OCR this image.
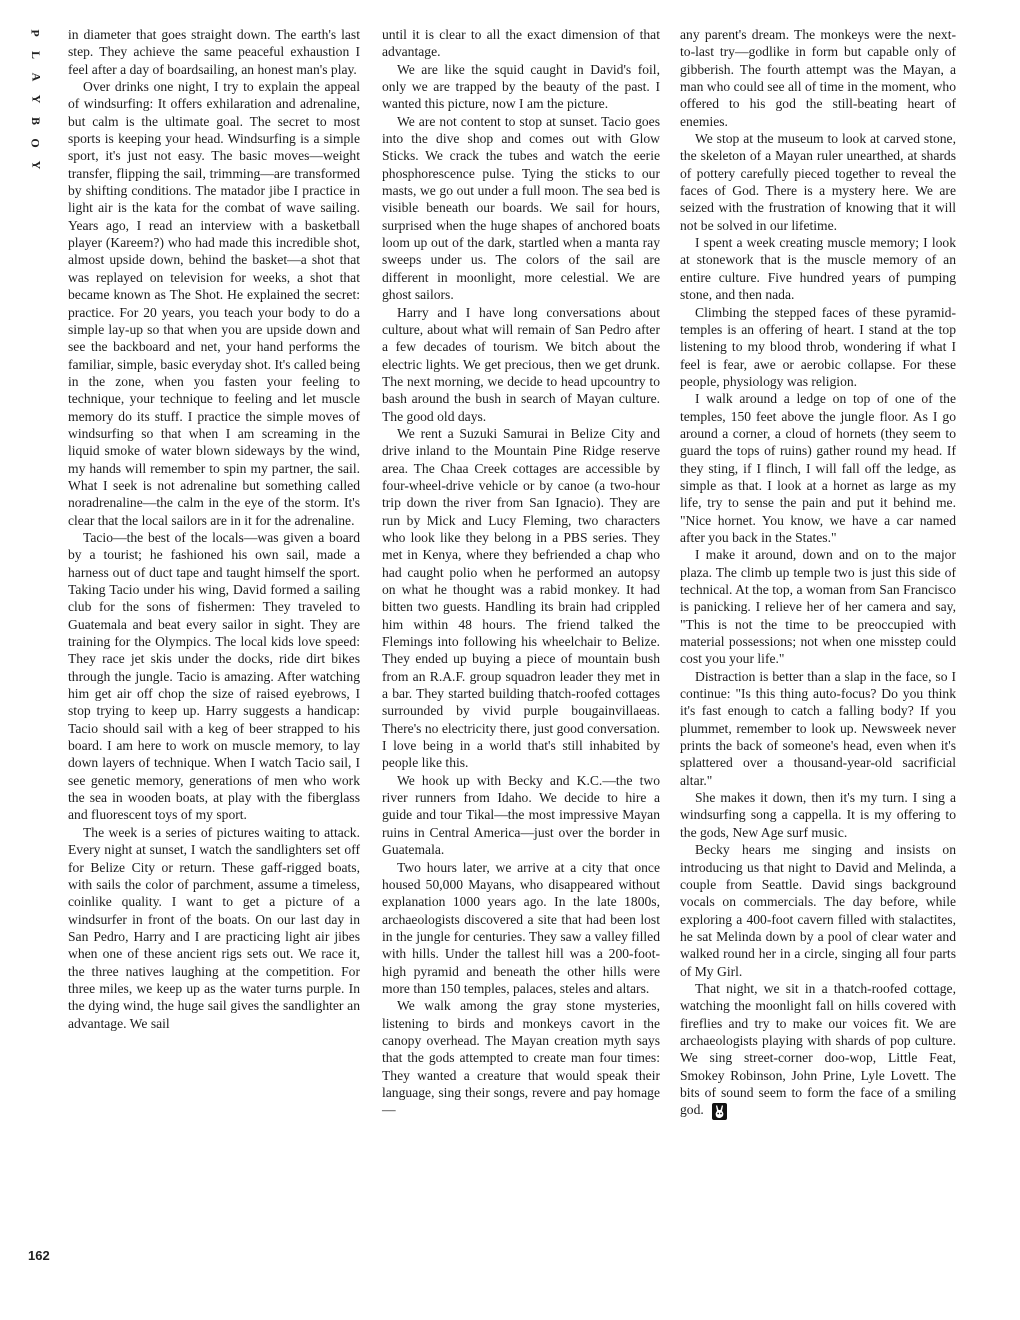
P
L
A
Y
B
O
Y

in diameter that goes straight down. The earth's last step. They achieve the same peaceful exhaustion I feel after a day of boardsailing, an honest man's play.

Over drinks one night, I try to explain the appeal of windsurfing: It offers exhilaration and adrenaline, but calm is the ultimate goal. The secret to most sports is keeping your head. Windsurfing is a simple sport, it's just not easy. The basic moves—weight transfer, flipping the sail, trimming—are transformed by shifting conditions. The matador jibe I practice in light air is the kata for the combat of wave sailing. Years ago, I read an interview with a basketball player (Kareem?) who had made this incredible shot, almost upside down, behind the basket—a shot that was replayed on television for weeks, a shot that became known as The Shot. He explained the secret: practice. For 20 years, you teach your body to do a simple lay-up so that when you are upside down and see the backboard and net, your hand performs the familiar, simple, basic everyday shot. It's called being in the zone, when you fasten your feeling to technique, your technique to feeling and let muscle memory do its stuff. I practice the simple moves of windsurfing so that when I am screaming in the liquid smoke of water blown sideways by the wind, my hands will remember to spin my partner, the sail. What I seek is not adrenaline but something called noradrenaline—the calm in the eye of the storm. It's clear that the local sailors are in it for the adrenaline.

Tacio—the best of the locals—was given a board by a tourist; he fashioned his own sail, made a harness out of duct tape and taught himself the sport. Taking Tacio under his wing, David formed a sailing club for the sons of fishermen: They traveled to Guatemala and beat every sailor in sight. They are training for the Olympics. The local kids love speed: They race jet skis under the docks, ride dirt bikes through the jungle. Tacio is amazing. After watching him get air off chop the size of raised eyebrows, I stop trying to keep up. Harry suggests a handicap: Tacio should sail with a keg of beer strapped to his board. I am here to work on muscle memory, to lay down layers of technique. When I watch Tacio sail, I see genetic memory, generations of men who work the sea in wooden boats, at play with the fiberglass and fluorescent toys of my sport.

The week is a series of pictures waiting to attack. Every night at sunset, I watch the sandlighters set off for Belize City or return. These gaff-rigged boats, with sails the color of parchment, assume a timeless, coinlike quality. I want to get a picture of a windsurfer in front of the boats. On our last day in San Pedro, Harry and I are practicing light air jibes when one of these ancient rigs sets out. We race it, the three natives laughing at the competition. For three miles, we keep up as the water turns purple. In the dying wind, the huge sail gives the sandlighter an advantage. We sail

until it is clear to all the exact dimension of that advantage.

We are like the squid caught in David's foil, only we are trapped by the beauty of the past. I wanted this picture, now I am the picture.

We are not content to stop at sunset. Tacio goes into the dive shop and comes out with Glow Sticks. We crack the tubes and watch the eerie phosphorescence pulse. Tying the sticks to our masts, we go out under a full moon. The sea bed is visible beneath our boards. We sail for hours, surprised when the huge shapes of anchored boats loom up out of the dark, startled when a manta ray sweeps under us. The colors of the sail are different in moonlight, more celestial. We are ghost sailors.

Harry and I have long conversations about culture, about what will remain of San Pedro after a few decades of tourism. We bitch about the electric lights. We get precious, then we get drunk. The next morning, we decide to head upcountry to bash around the bush in search of Mayan culture. The good old days.

We rent a Suzuki Samurai in Belize City and drive inland to the Mountain Pine Ridge reserve area. The Chaa Creek cottages are accessible by four-wheel-drive vehicle or by canoe (a two-hour trip down the river from San Ignacio). They are run by Mick and Lucy Fleming, two characters who look like they belong in a PBS series. They met in Kenya, where they befriended a chap who had caught polio when he performed an autopsy on what he thought was a rabid monkey. It had bitten two guests. Handling its brain had crippled him within 48 hours. The friend talked the Flemings into following his wheelchair to Belize. They ended up buying a piece of mountain bush from an R.A.F. group squadron leader they met in a bar. They started building thatch-roofed cottages surrounded by vivid purple bougainvillaeas. There's no electricity there, just good conversation. I love being in a world that's still inhabited by people like this.

We hook up with Becky and K.C.—the two river runners from Idaho. We decide to hire a guide and tour Tikal—the most impressive Mayan ruins in Central America—just over the border in Guatemala.

Two hours later, we arrive at a city that once housed 50,000 Mayans, who disappeared without explanation 1000 years ago. In the late 1800s, archaeologists discovered a site that had been lost in the jungle for centuries. They saw a valley filled with hills. Under the tallest hill was a 200-foot-high pyramid and beneath the other hills were more than 150 temples, palaces, steles and altars.

We walk among the gray stone mysteries, listening to birds and monkeys cavort in the canopy overhead. The Mayan creation myth says that the gods attempted to create man four times: They wanted a creature that would speak their language, sing their songs, revere and pay homage—

any parent's dream. The monkeys were the next-to-last try—godlike in form but capable only of gibberish. The fourth attempt was the Mayan, a man who could see all of time in the moment, who offered to his god the still-beating heart of enemies.

We stop at the museum to look at carved stone, the skeleton of a Mayan ruler unearthed, at shards of pottery carefully pieced together to reveal the faces of God. There is a mystery here. We are seized with the frustration of knowing that it will not be solved in our lifetime.

I spent a week creating muscle memory; I look at stonework that is the muscle memory of an entire culture. Five hundred years of pumping stone, and then nada.

Climbing the stepped faces of these pyramid-temples is an offering of heart. I stand at the top listening to my blood throb, wondering if what I feel is fear, awe or aerobic collapse. For these people, physiology was religion.

I walk around a ledge on top of one of the temples, 150 feet above the jungle floor. As I go around a corner, a cloud of hornets (they seem to guard the tops of ruins) gather round my head. If they sting, if I flinch, I will fall off the ledge, as simple as that. I look at a hornet as large as my life, try to sense the pain and put it behind me. "Nice hornet. You know, we have a car named after you back in the States."

I make it around, down and on to the major plaza. The climb up temple two is just this side of technical. At the top, a woman from San Francisco is panicking. I relieve her of her camera and say, "This is not the time to be preoccupied with material possessions; not when one misstep could cost you your life."

Distraction is better than a slap in the face, so I continue: "Is this thing auto-focus? Do you think it's fast enough to catch a falling body? If you plummet, remember to look up. Newsweek never prints the back of someone's head, even when it's splattered over a thousand-year-old sacrificial altar."

She makes it down, then it's my turn. I sing a windsurfing song a cappella. It is my offering to the gods, New Age surf music.

Becky hears me singing and insists on introducing us that night to David and Melinda, a couple from Seattle. David sings background vocals on commercials. The day before, while exploring a 400-foot cavern filled with stalactites, he sat Melinda down by a pool of clear water and walked round her in a circle, singing all four parts of My Girl.

That night, we sit in a thatch-roofed cottage, watching the moonlight fall on hills covered with fireflies and try to make our voices fit. We are archaeologists playing with shards of pop culture. We sing street-corner doo-wop, Little Feat, Smokey Robinson, John Prine, Lyle Lovett. The bits of sound seem to form the face of a smiling god.

162
